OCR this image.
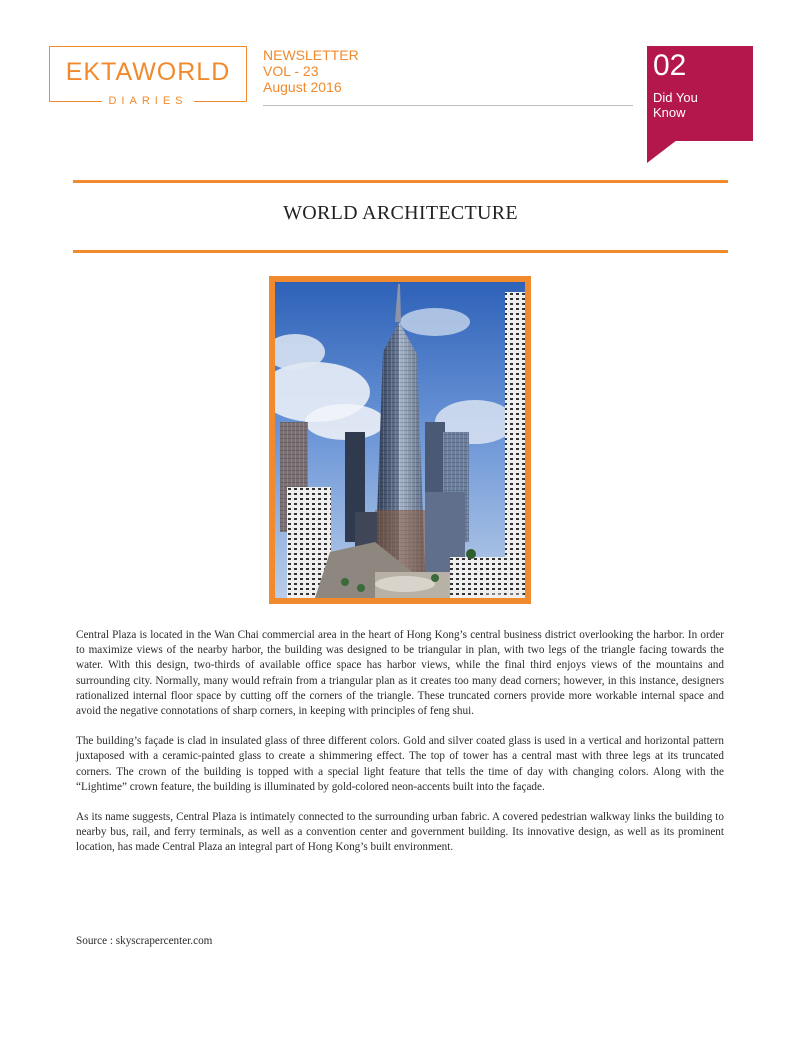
EKTAWORLD
DIARIES
NEWSLETTER
VOL - 23
August 2016
02
Did You
Know
WORLD ARCHITECTURE
Central Plaza, Hong Kong

Central Plaza is located in the Wan Chai commercial area in the heart of Hong Kong’s central business district overlooking the harbor. In order to maximize views of the nearby harbor, the building was designed to be triangular in plan, with two legs of the triangle facing towards the water. With this design, two-thirds of available office space has harbor views, while the final third enjoys views of the mountains and surrounding city. Normally, many would refrain from a triangular plan as it creates too many dead corners; however, in this instance, designers rationalized internal floor space by cutting off the corners of the triangle. These truncated corners provide more workable internal space and avoid the negative connotations of sharp corners, in keeping with principles of feng shui.

The building’s façade is clad in insulated glass of three different colors. Gold and silver coated glass is used in a vertical and horizontal pattern juxtaposed with a ceramic-painted glass to create a shimmering effect. The top of tower has a central mast with three legs at its truncated corners. The crown of the building is topped with a special light feature that tells the time of day with changing colors. Along with the “Lightime” crown feature, the building is illuminated by gold-colored neon-accents built into the façade.

As its name suggests, Central Plaza is intimately connected to the surrounding urban fabric. A covered pedestrian walkway links the building to nearby bus, rail, and ferry terminals, as well as a convention center and government building. Its innovative design, as well as its prominent location, has made Central Plaza an integral part of Hong Kong’s built environment.

Source : skyscrapercenter.com
